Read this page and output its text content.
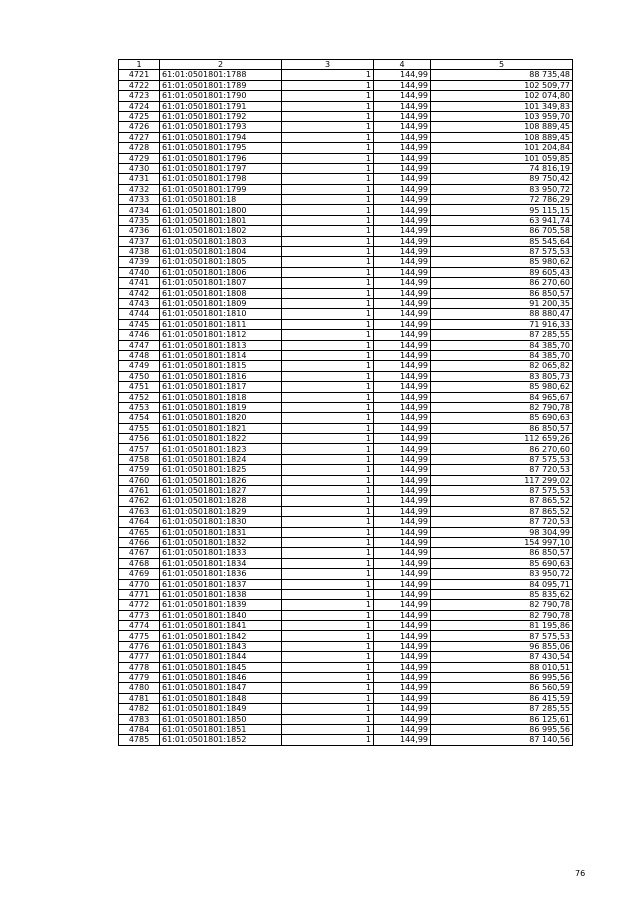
1	2	3	4	5
4721	61:01:0501801:1788	1	144,99	88 735,48
4722	61:01:0501801:1789	1	144,99	102 509,77
4723	61:01:0501801:1790	1	144,99	102 074,80
4724	61:01:0501801:1791	1	144,99	101 349,83
4725	61:01:0501801:1792	1	144,99	103 959,70
4726	61:01:0501801:1793	1	144,99	108 889,45
4727	61:01:0501801:1794	1	144,99	108 889,45
4728	61:01:0501801:1795	1	144,99	101 204,84
4729	61:01:0501801:1796	1	144,99	101 059,85
4730	61:01:0501801:1797	1	144,99	74 816,19
4731	61:01:0501801:1798	1	144,99	89 750,42
4732	61:01:0501801:1799	1	144,99	83 950,72
4733	61:01:0501801:18	1	144,99	72 786,29
4734	61:01:0501801:1800	1	144,99	95 115,15
4735	61:01:0501801:1801	1	144,99	63 941,74
4736	61:01:0501801:1802	1	144,99	86 705,58
4737	61:01:0501801:1803	1	144,99	85 545,64
4738	61:01:0501801:1804	1	144,99	87 575,53
4739	61:01:0501801:1805	1	144,99	85 980,62
4740	61:01:0501801:1806	1	144,99	89 605,43
4741	61:01:0501801:1807	1	144,99	86 270,60
4742	61:01:0501801:1808	1	144,99	86 850,57
4743	61:01:0501801:1809	1	144,99	91 200,35
4744	61:01:0501801:1810	1	144,99	88 880,47
4745	61:01:0501801:1811	1	144,99	71 916,33
4746	61:01:0501801:1812	1	144,99	87 285,55
4747	61:01:0501801:1813	1	144,99	84 385,70
4748	61:01:0501801:1814	1	144,99	84 385,70
4749	61:01:0501801:1815	1	144,99	82 065,82
4750	61:01:0501801:1816	1	144,99	83 805,73
4751	61:01:0501801:1817	1	144,99	85 980,62
4752	61:01:0501801:1818	1	144,99	84 965,67
4753	61:01:0501801:1819	1	144,99	82 790,78
4754	61:01:0501801:1820	1	144,99	85 690,63
4755	61:01:0501801:1821	1	144,99	86 850,57
4756	61:01:0501801:1822	1	144,99	112 659,26
4757	61:01:0501801:1823	1	144,99	86 270,60
4758	61:01:0501801:1824	1	144,99	87 575,53
4759	61:01:0501801:1825	1	144,99	87 720,53
4760	61:01:0501801:1826	1	144,99	117 299,02
4761	61:01:0501801:1827	1	144,99	87 575,53
4762	61:01:0501801:1828	1	144,99	87 865,52
4763	61:01:0501801:1829	1	144,99	87 865,52
4764	61:01:0501801:1830	1	144,99	87 720,53
4765	61:01:0501801:1831	1	144,99	98 304,99
4766	61:01:0501801:1832	1	144,99	154 997,10
4767	61:01:0501801:1833	1	144,99	86 850,57
4768	61:01:0501801:1834	1	144,99	85 690,63
4769	61:01:0501801:1836	1	144,99	83 950,72
4770	61:01:0501801:1837	1	144,99	84 095,71
4771	61:01:0501801:1838	1	144,99	85 835,62
4772	61:01:0501801:1839	1	144,99	82 790,78
4773	61:01:0501801:1840	1	144,99	82 790,78
4774	61:01:0501801:1841	1	144,99	81 195,86
4775	61:01:0501801:1842	1	144,99	87 575,53
4776	61:01:0501801:1843	1	144,99	96 855,06
4777	61:01:0501801:1844	1	144,99	87 430,54
4778	61:01:0501801:1845	1	144,99	88 010,51
4779	61:01:0501801:1846	1	144,99	86 995,56
4780	61:01:0501801:1847	1	144,99	86 560,59
4781	61:01:0501801:1848	1	144,99	86 415,59
4782	61:01:0501801:1849	1	144,99	87 285,55
4783	61:01:0501801:1850	1	144,99	86 125,61
4784	61:01:0501801:1851	1	144,99	86 995,56
4785	61:01:0501801:1852	1	144,99	87 140,56
76
